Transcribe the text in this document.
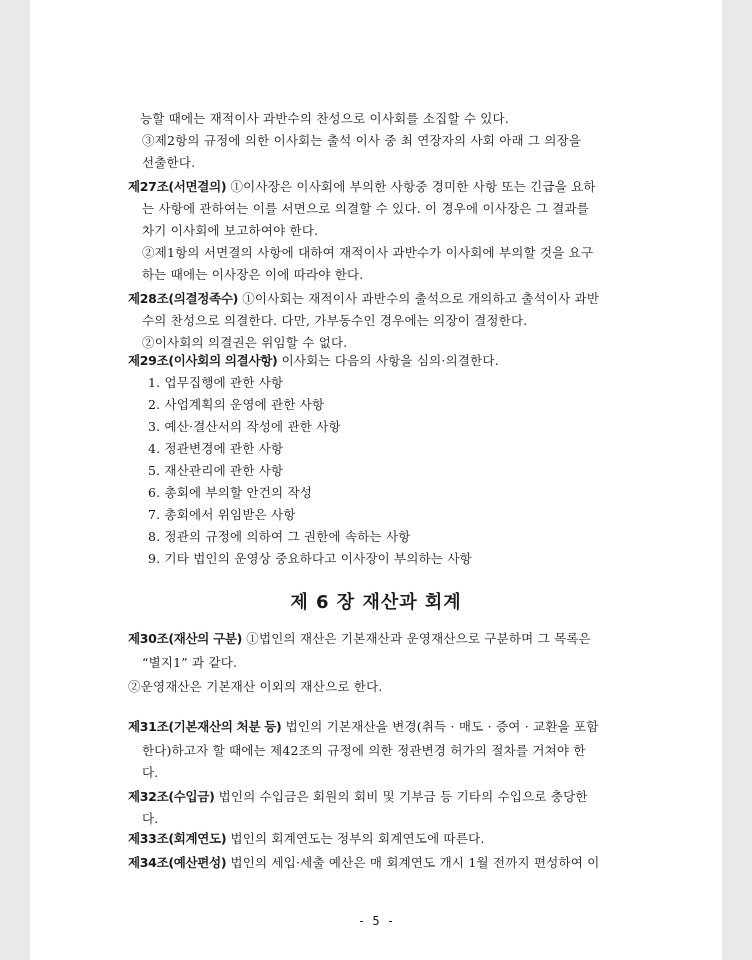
능할 때에는 재적이사 과반수의 찬성으로 이사회를 소집할 수 있다.
③제2항의 규정에 의한 이사회는 출석 이사 중 최 연장자의 사회 아래 그 의장을
선출한다.
제27조(서면결의) ①이사장은 이사회에 부의한 사항중 경미한 사항 또는 긴급을 요하
는 사항에 관하여는 이를 서면으로 의결할 수 있다. 이 경우에 이사장은 그 결과를
차기 이사회에 보고하여야 한다.
②제1항의 서면결의 사항에 대하여 재적이사 과반수가 이사회에 부의할 것을 요구
하는 때에는 이사장은 이에 따라야 한다.
제28조(의결정족수) ①이사회는 재적이사 과반수의 출석으로 개의하고 출석이사 과반
수의 찬성으로 의결한다. 다만, 가부동수인 경우에는 의장이 결정한다.
②이사회의 의결권은 위임할 수 없다.
제29조(이사회의 의결사항) 이사회는 다음의 사항을 심의·의결한다.
1. 업무집행에 관한 사항
2. 사업계획의 운영에 관한 사항
3. 예산·결산서의 작성에 관한 사항
4. 정관변경에 관한 사항
5. 재산관리에 관한 사항
6. 총회에 부의할 안건의 작성
7. 총회에서 위임받은 사항
8. 정관의 규정에 의하여 그 권한에 속하는 사항
9. 기타 법인의 운영상 중요하다고 이사장이 부의하는 사항
제30조(재산의 구분) ①법인의 재산은 기본재산과 운영재산으로 구분하며 그 목록은
“별지1” 과 같다.
②운영재산은 기본재산 이외의 재산으로 한다.
제31조(기본재산의 처분 등) 법인의 기본재산을 변경(취득 · 매도 · 증여 · 교환을 포함
한다)하고자 할 때에는 제42조의 규정에 의한 정관변경 허가의 절차를 거쳐야 한
다.
제32조(수입금) 법인의 수입금은 회원의 회비 및 기부금 등 기타의 수입으로 충당한
다.
제33조(회계연도) 법인의 회계연도는 정부의 회계연도에 따른다.
제34조(예산편성) 법인의 세입·세출 예산은 매 회계연도 개시 1월 전까지 편성하여 이
제 6 장 재산과 회계
- 5 -
